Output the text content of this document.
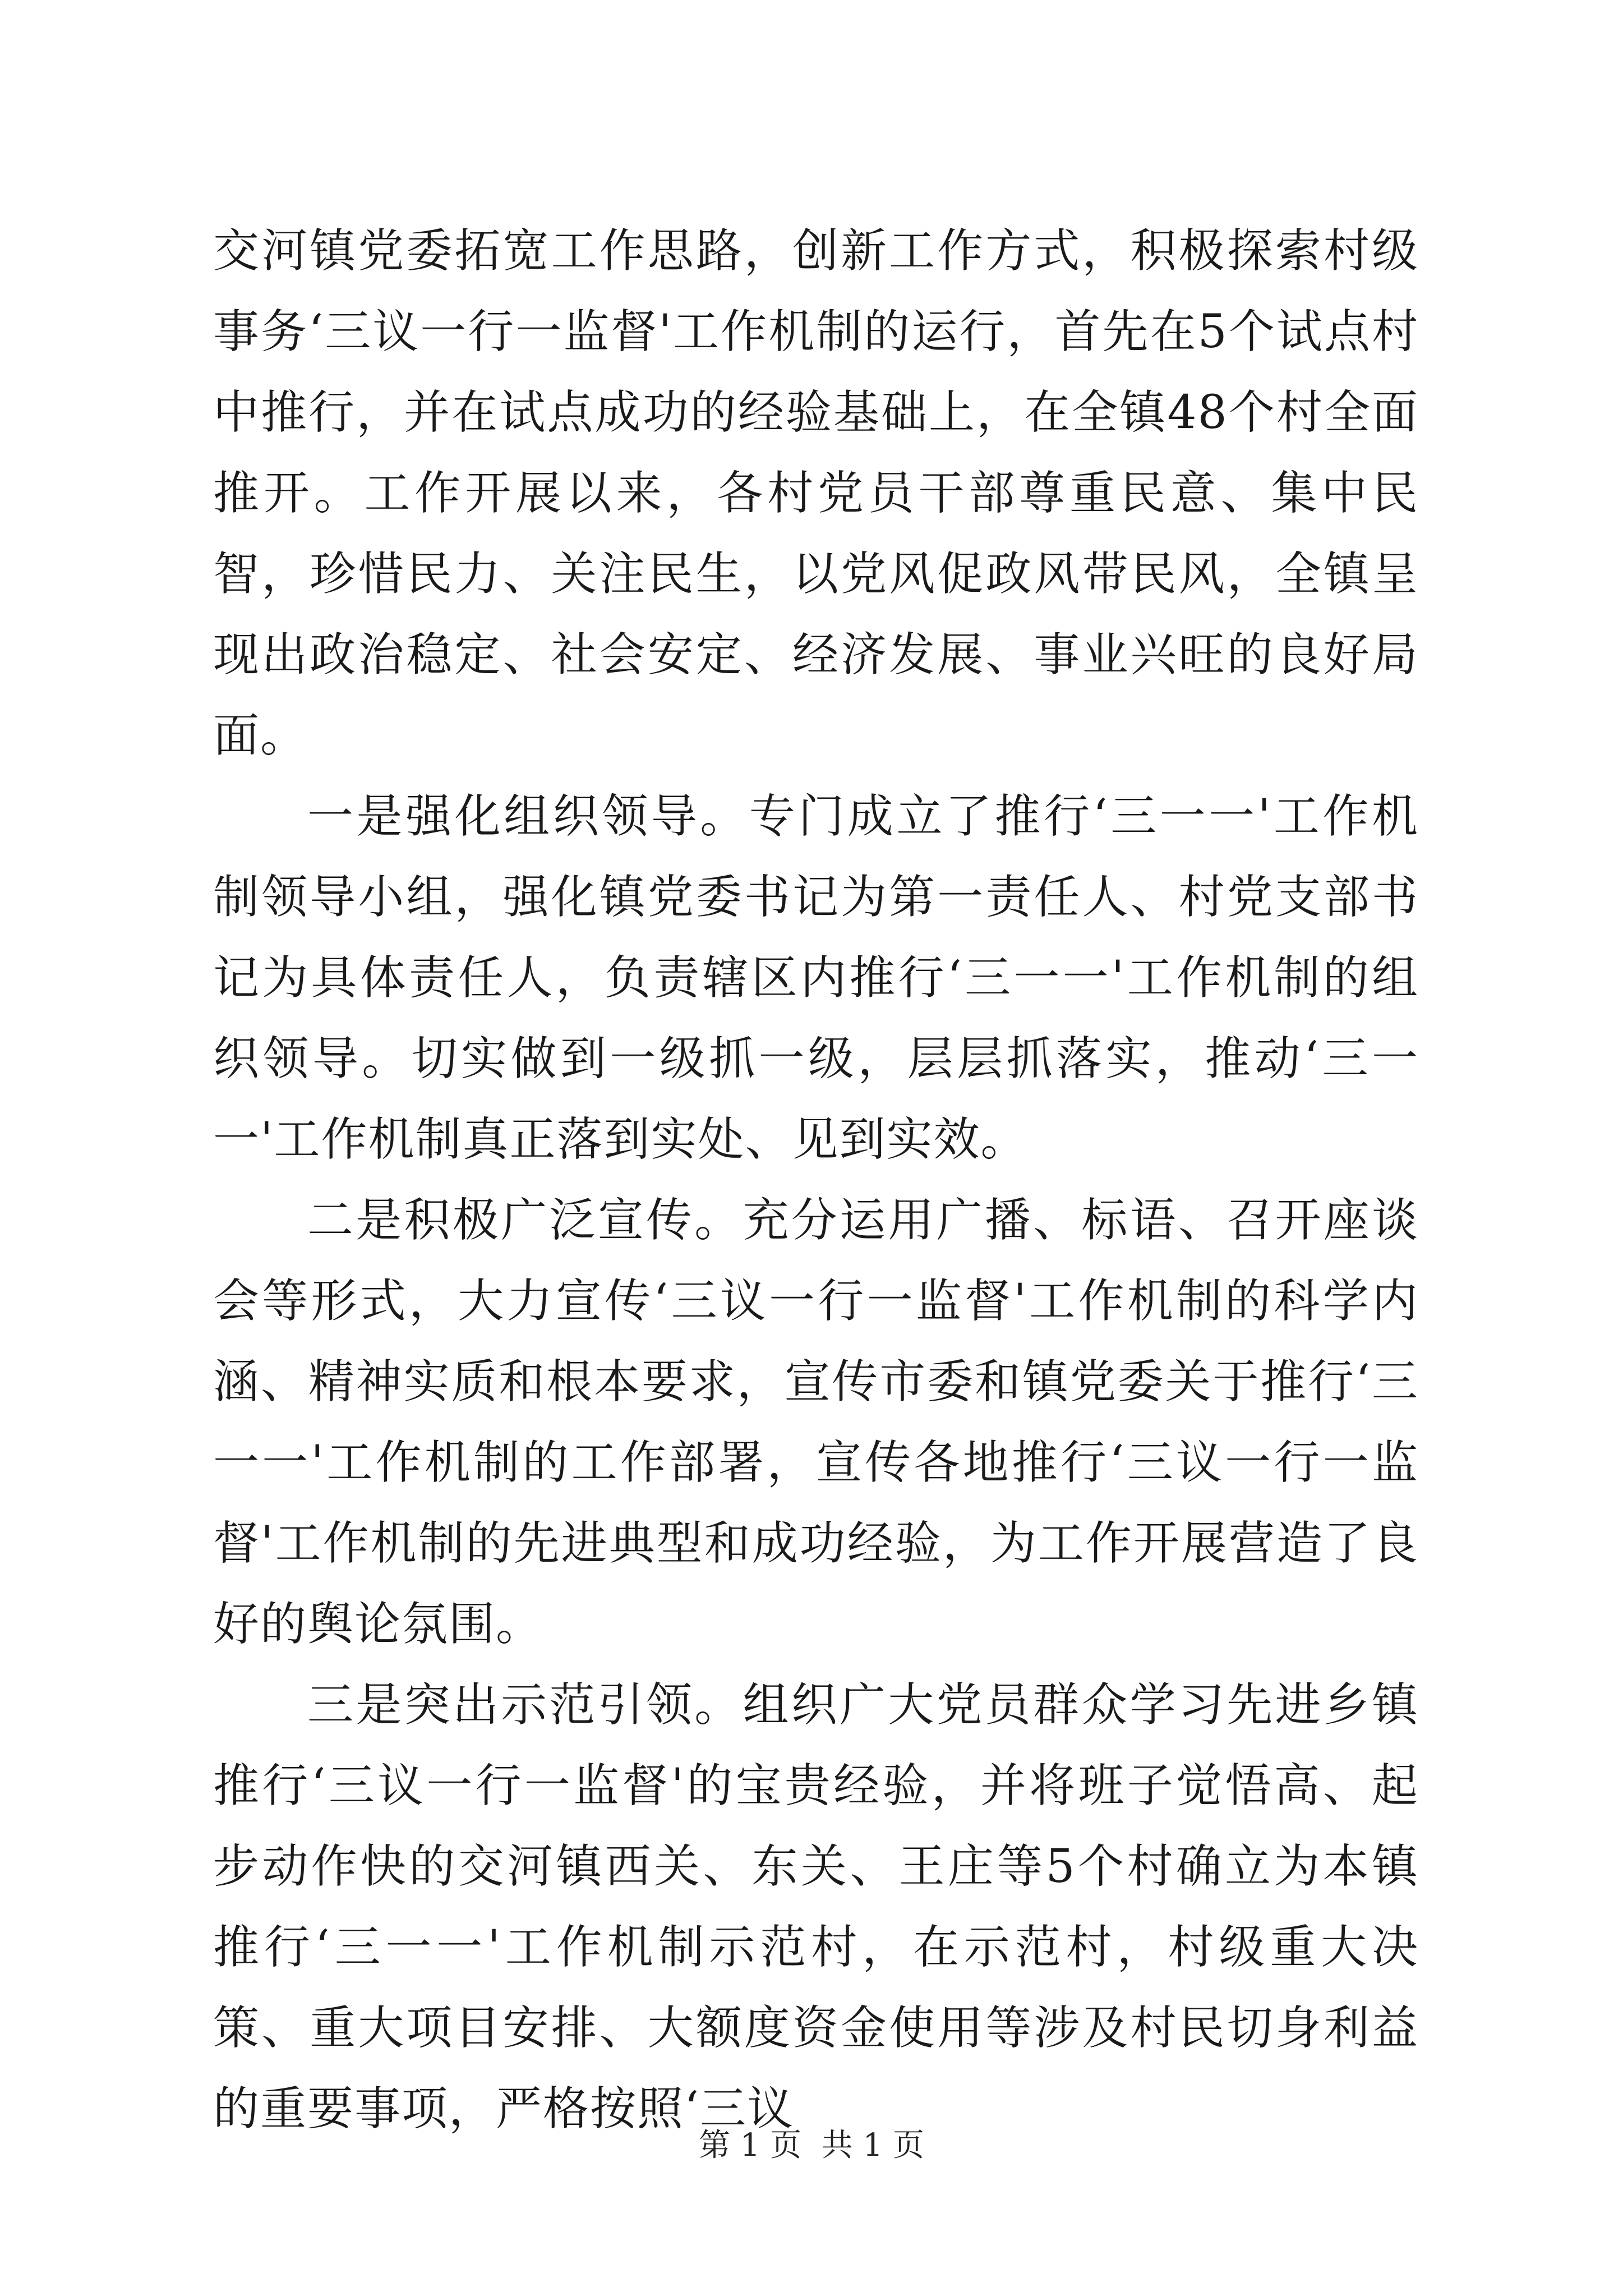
交河镇党委拓宽工作思路，创新工作方式，积极探索村级事务‘三议一行一监督'工作机制的运行，首先在5个试点村中推行，并在试点成功的经验基础上，在全镇48个村全面推开。工作开展以来，各村党员干部尊重民意、集中民智，珍惜民力、关注民生，以党风促政风带民风，全镇呈现出政治稳定、社会安定、经济发展、事业兴旺的良好局面。

一是强化组织领导。专门成立了推行‘三一一'工作机制领导小组，强化镇党委书记为第一责任人、村党支部书记为具体责任人，负责辖区内推行‘三一一'工作机制的组织领导。切实做到一级抓一级，层层抓落实，推动‘三一一'工作机制真正落到实处、见到实效。

二是积极广泛宣传。充分运用广播、标语、召开座谈会等形式，大力宣传‘三议一行一监督'工作机制的科学内涵、精神实质和根本要求，宣传市委和镇党委关于推行‘三一一'工作机制的工作部署，宣传各地推行‘三议一行一监督'工作机制的先进典型和成功经验，为工作开展营造了良好的舆论氛围。

三是突出示范引领。组织广大党员群众学习先进乡镇推行‘三议一行一监督'的宝贵经验，并将班子觉悟高、起步动作快的交河镇西关、东关、王庄等5个村确立为本镇推行‘三一一'工作机制示范村，在示范村，村级重大决策、重大项目安排、大额度资金使用等涉及村民切身利益的重要事项，严格按照‘三议

第 1 页  共 1 页
